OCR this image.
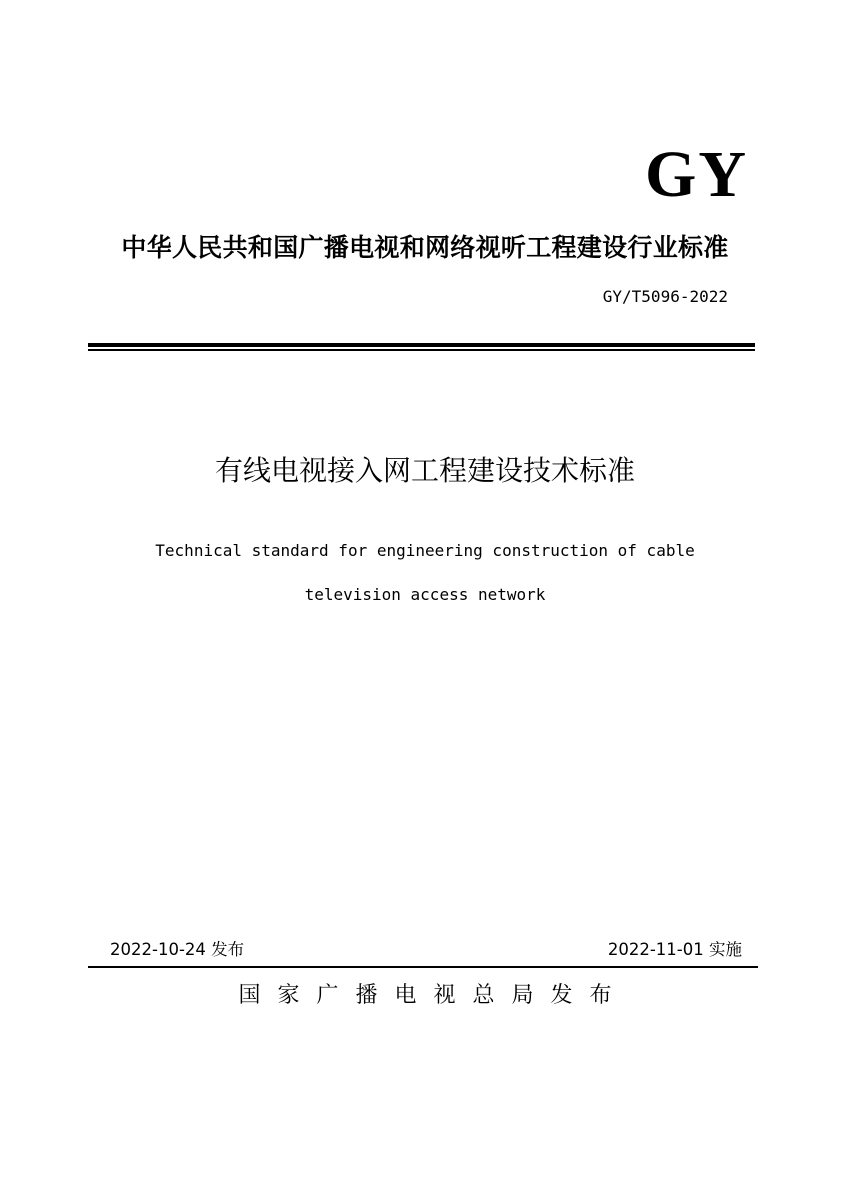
GY
中华人民共和国广播电视和网络视听工程建设行业标准
GY/T5096-2022
有线电视接入网工程建设技术标准
Technical standard for engineering construction of cable
television access network
2022-10-24 发布	2022-11-01 实施
国家广播电视总局发布
